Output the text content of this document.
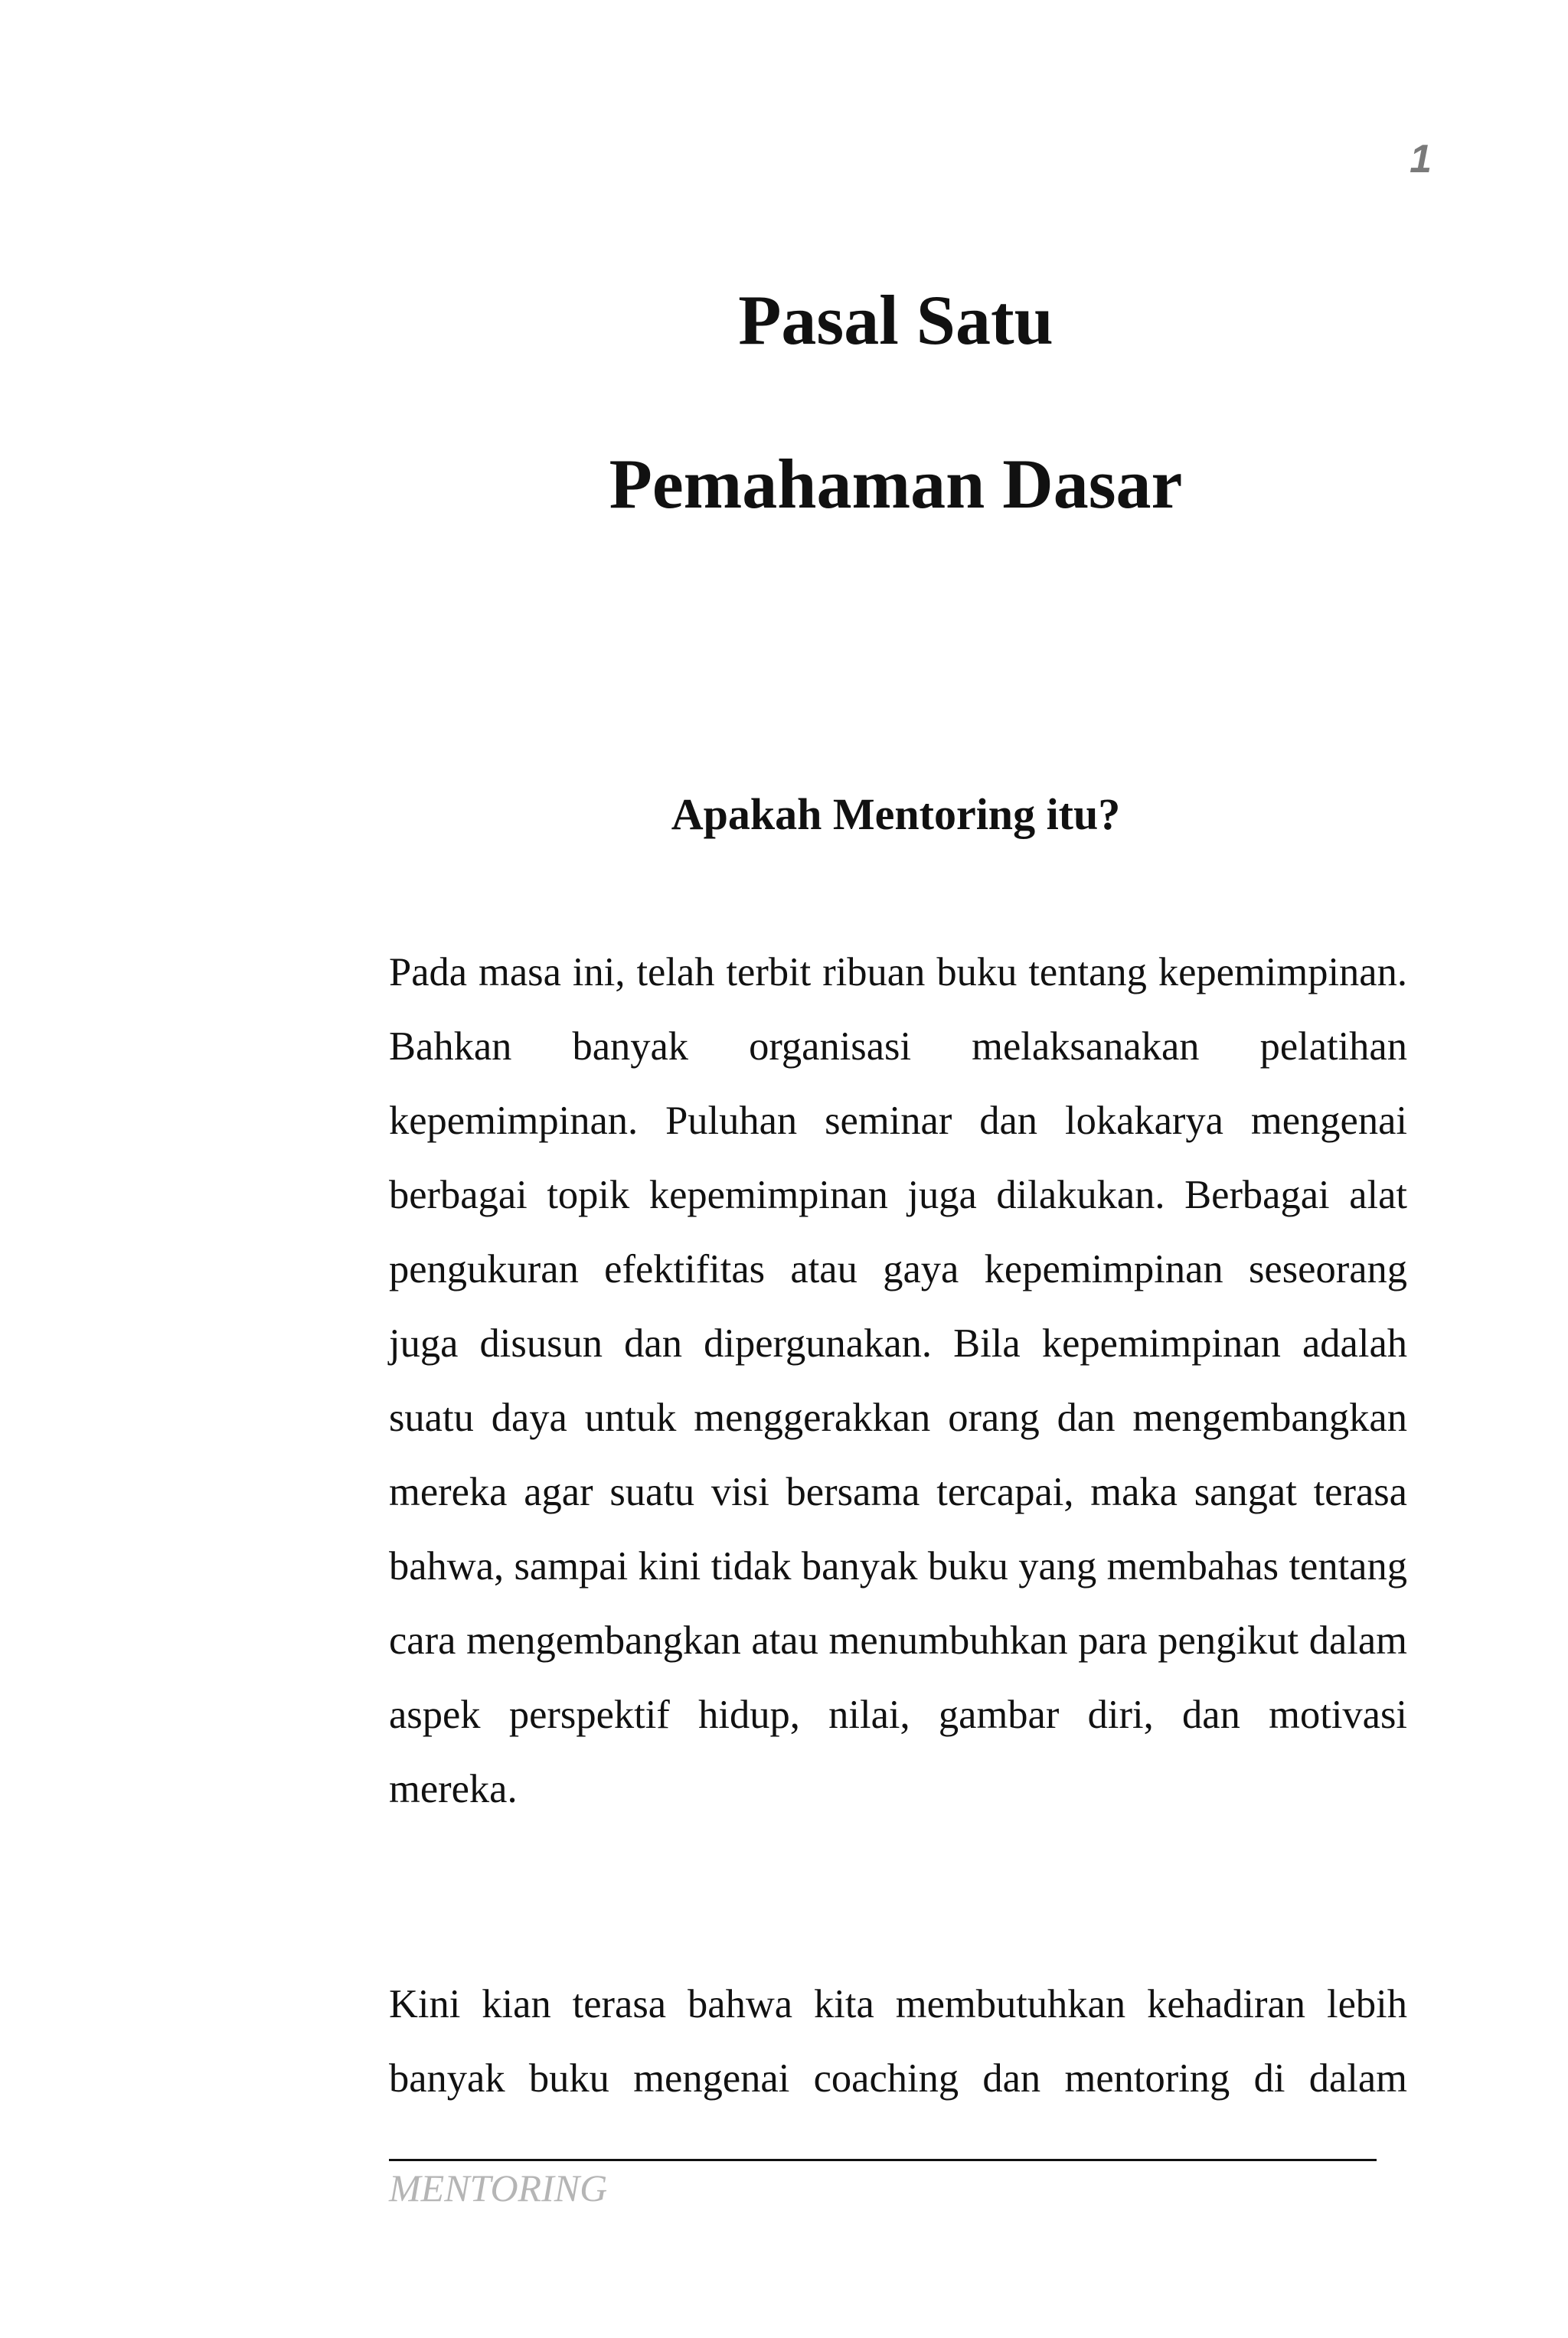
1
Pasal Satu
Pemahaman Dasar
Apakah Mentoring itu?

Pada masa ini, telah terbit ribuan buku tentang kepemimpinan. Bahkan banyak organisasi melaksanakan pelatihan kepemimpinan. Puluhan seminar dan lokakarya mengenai berbagai topik kepemimpinan juga dilakukan. Berbagai alat pengukuran efektifitas atau gaya kepemimpinan seseorang juga disusun dan dipergunakan. Bila kepemimpinan adalah suatu daya untuk menggerakkan orang dan mengembangkan mereka agar suatu visi bersama tercapai, maka sangat terasa bahwa, sampai kini tidak banyak buku yang membahas tentang cara mengembangkan atau menumbuhkan para pengikut dalam aspek perspektif hidup, nilai, gambar diri, dan motivasi mereka.

Kini kian terasa bahwa kita membutuhkan kehadiran lebih banyak buku mengenai coaching dan mentoring di dalam

MENTORING
